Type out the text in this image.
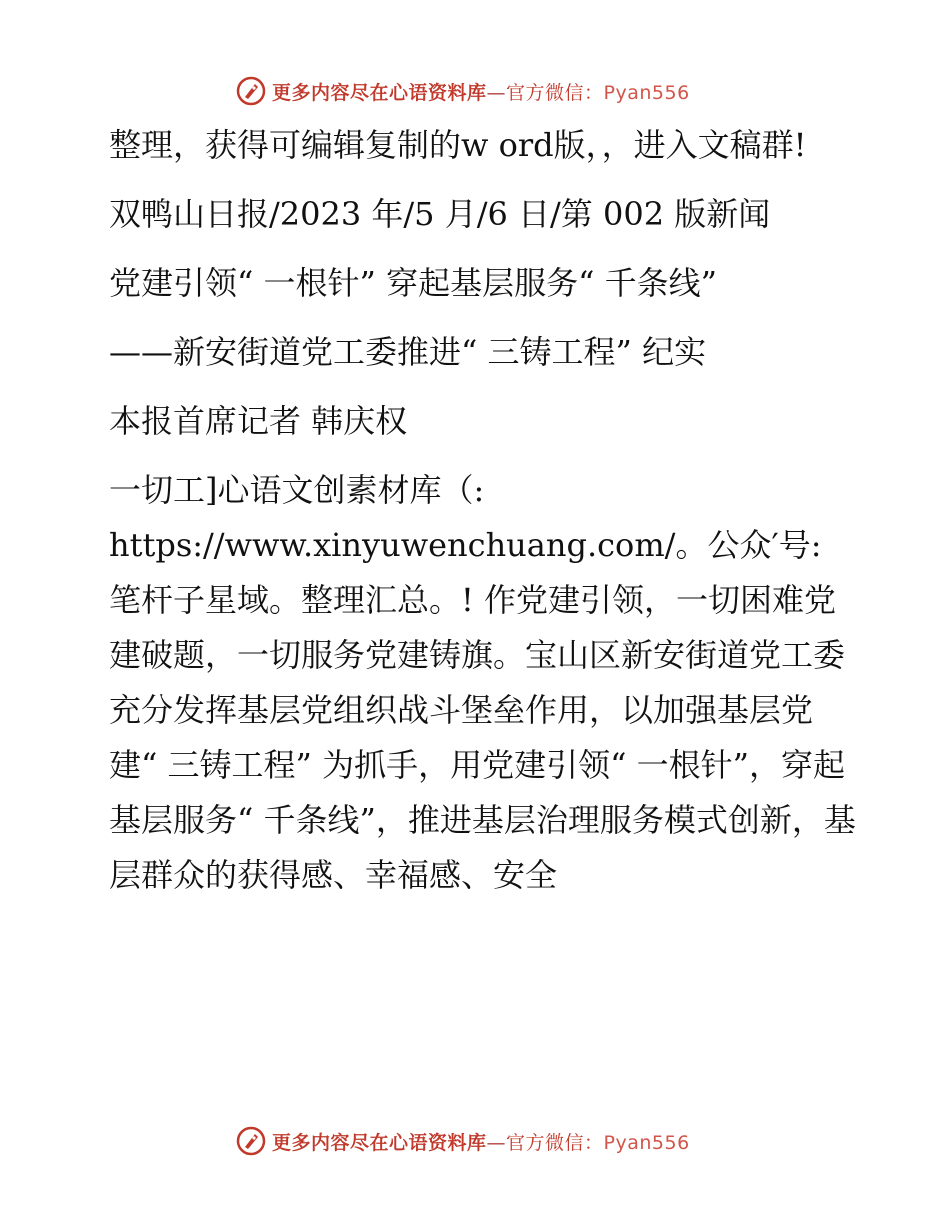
更多内容尽在心语资料库—官方微信：Pyan556

整理，获得可编辑复制的w ord版，，进入文稿群!

双鸭山日报/2023 年/5 月/6 日/第 002 版新闻

党建引领“ 一根针” 穿起基层服务“ 千条线”

——新安街道党工委推进“ 三铸工程” 纪实

本报首席记者 韩庆权

一切工]心语文创素材库（: https://www.xinyuwenchuang.com/。公众′号: 笔杆子星域。整理汇总。! 作党建引领，一切困难党建破题，一切服务党建铸旗。宝山区新安街道党工委充分发挥基层党组织战斗堡垒作用，以加强基层党建“ 三铸工程” 为抓手，用党建引领“ 一根针”，穿起基层服务“ 千条线”，推进基层治理服务模式创新，基层群众的获得感、幸福感、安全

更多内容尽在心语资料库—官方微信：Pyan556
